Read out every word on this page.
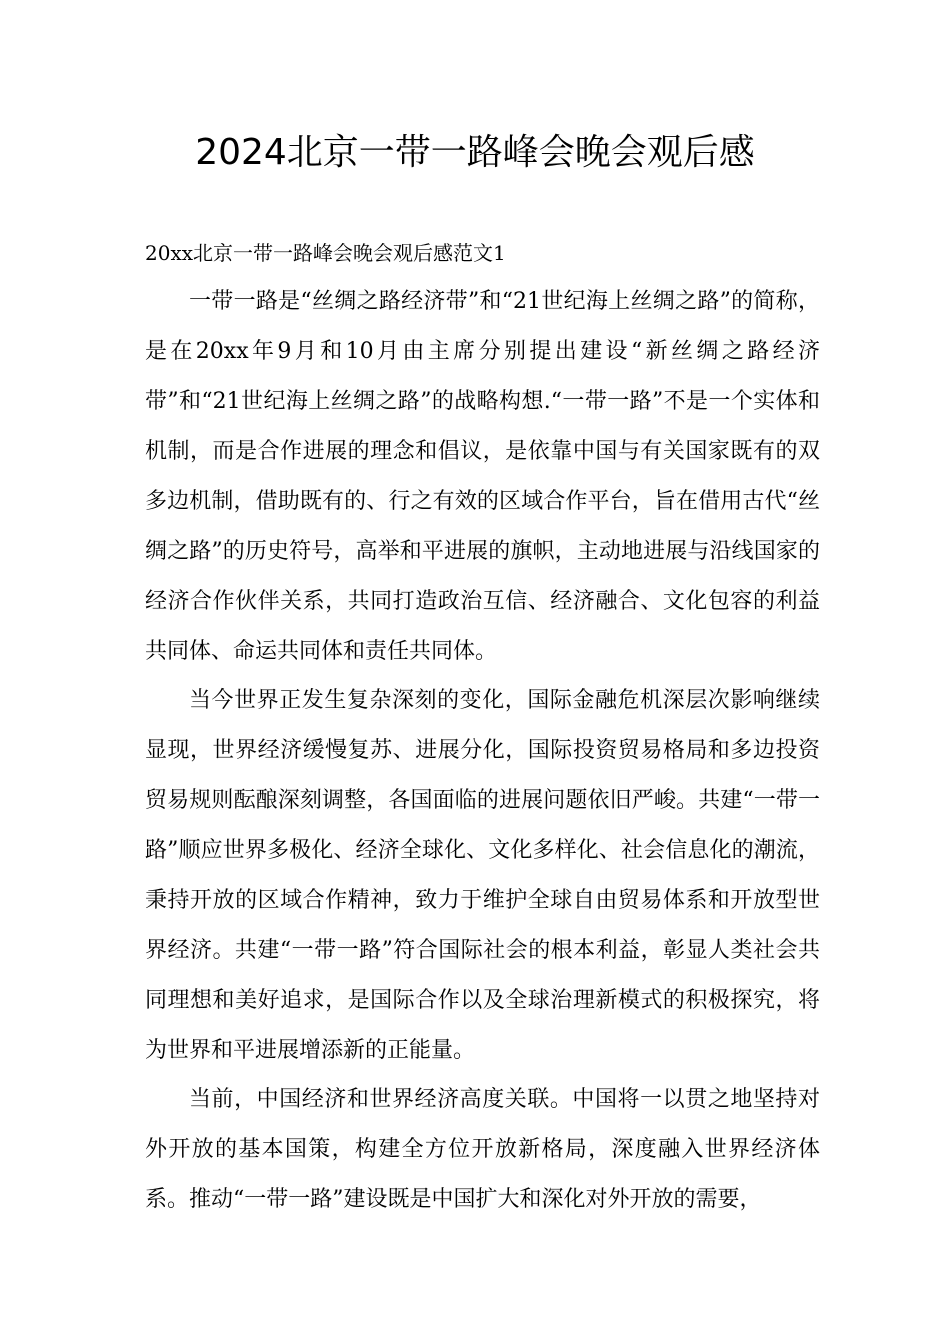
2024北京一带一路峰会晚会观后感
20xx北京一带一路峰会晚会观后感范文1

一带一路是“丝绸之路经济带”和“21世纪海上丝绸之路”的简称，是在20xx年9月和10月由主席分别提出建设“新丝绸之路经济带”和“21世纪海上丝绸之路”的战略构想.“一带一路”不是一个实体和机制，而是合作进展的理念和倡议，是依靠中国与有关国家既有的双多边机制，借助既有的、行之有效的区域合作平台，旨在借用古代“丝绸之路”的历史符号，高举和平进展的旗帜，主动地进展与沿线国家的经济合作伙伴关系，共同打造政治互信、经济融合、文化包容的利益共同体、命运共同体和责任共同体。

当今世界正发生复杂深刻的变化，国际金融危机深层次影响继续显现，世界经济缓慢复苏、进展分化，国际投资贸易格局和多边投资贸易规则酝酿深刻调整，各国面临的进展问题依旧严峻。共建“一带一路”顺应世界多极化、经济全球化、文化多样化、社会信息化的潮流，秉持开放的区域合作精神，致力于维护全球自由贸易体系和开放型世界经济。共建“一带一路”符合国际社会的根本利益，彰显人类社会共同理想和美好追求，是国际合作以及全球治理新模式的积极探究，将为世界和平进展增添新的正能量。

当前，中国经济和世界经济高度关联。中国将一以贯之地坚持对外开放的基本国策，构建全方位开放新格局，深度融入世界经济体系。推动“一带一路”建设既是中国扩大和深化对外开放的需要，
